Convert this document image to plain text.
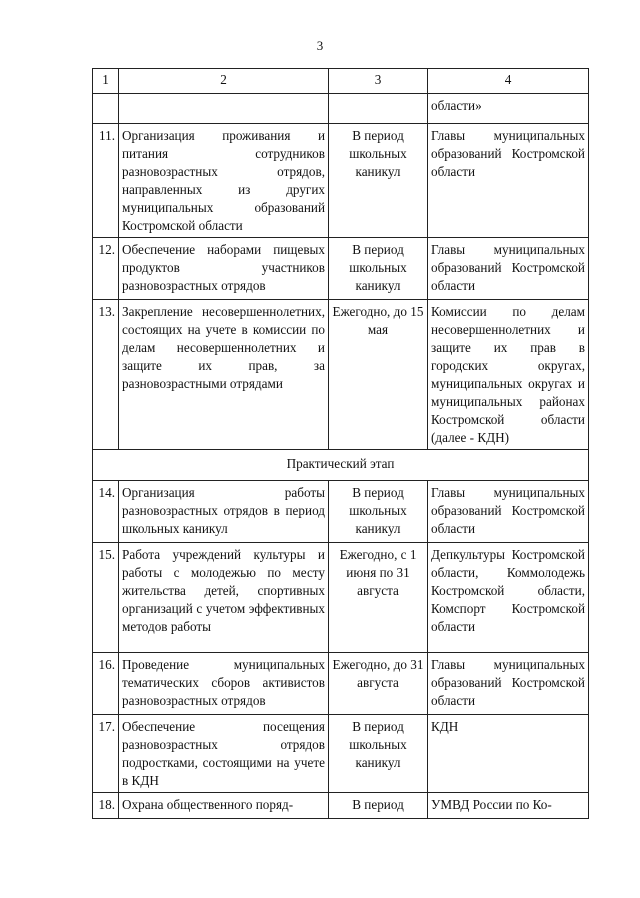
3
1	2	3	4
			области»
11.	Организация проживания и питания сотрудников разновозрастных отрядов, направленных из других муниципальных образований Костромской области	В период школьных каникул	Главы муниципальных образований Костромской области
12.	Обеспечение наборами пищевых продуктов участников разновозрастных отрядов	В период школьных каникул	Главы муниципальных образований Костромской области
13.	Закрепление несовершеннолетних, состоящих на учете в комиссии по делам несовершеннолетних и защите их прав, за разновозрастными отрядами	Ежегодно, до 15 мая	Комиссии по делам несовершеннолетних и защите их прав в городских округах, муниципальных округах и муниципальных районах Костромской области (далее - КДН)
Практический этап			
14.	Организация работы разновозрастных отрядов в период школьных каникул	В период школьных каникул	Главы муниципальных образований Костромской области
15.	Работа учреждений культуры и работы с молодежью по месту жительства детей, спортивных организаций с учетом эффективных методов работы	Ежегодно, с 1 июня по 31 августа	Депкультуры Костромской области, Коммолодежь Костромской области, Комспорт Костромской области
16.	Проведение муниципальных тематических сборов активистов разновозрастных отрядов	Ежегодно, до 31 августа	Главы муниципальных образований Костромской области
17.	Обеспечение посещения разновозрастных отрядов подростками, состоящими на учете в КДН	В период школьных каникул	КДН
18.	Охрана общественного поряд-	В период	УМВД России по Ко-
